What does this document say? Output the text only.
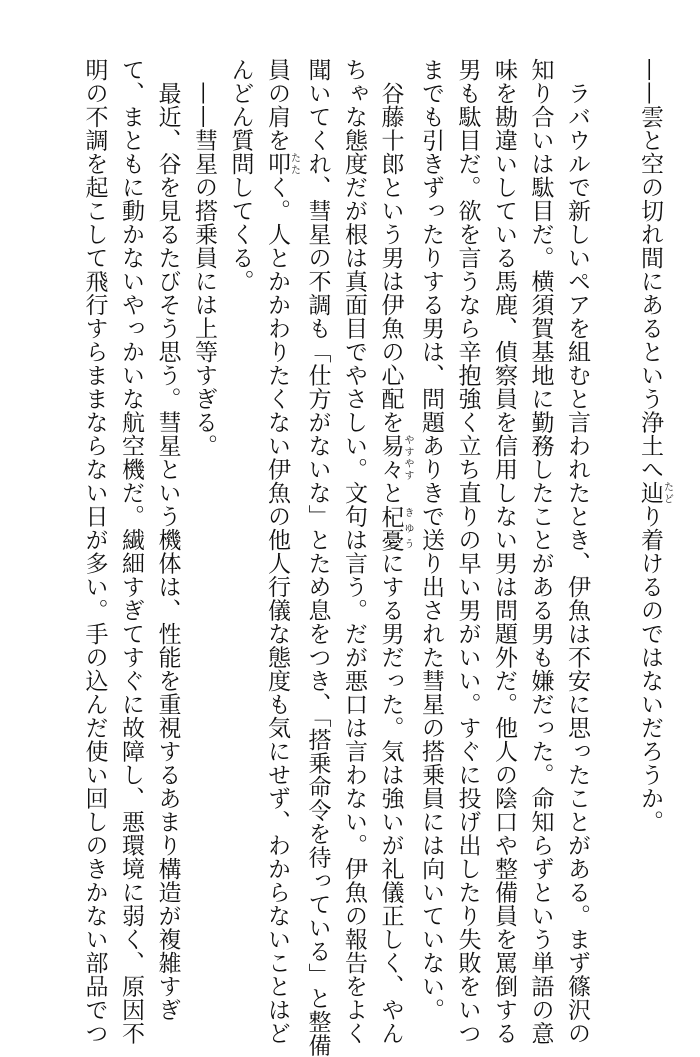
——雲と空の切れ間にあるという浄土へ辿たどり着けるのではないだろうか。
　ラバウルで新しいペアを組むと言われたとき、伊魚は不安に思ったことがある。まず篠沢の
知り合いは駄目だ。横須賀基地に勤務したことがある男も嫌だった。命知らずという単語の意
味を勘違いしている馬鹿、偵察員を信用しない男は問題外だ。他人の陰口や整備員を罵倒する
男も駄目だ。欲を言うなら辛抱強く立ち直りの早い男がいい。すぐに投げ出したり失敗をいつ
までも引きずったりする男は、問題ありきで送り出された彗星の搭乗員には向いていない。
　谷藤十郎という男は伊魚の心配を易々やすやすと杞憂きゆうにする男だった。気は強いが礼儀正しく、やん
ちゃな態度だが根は真面目でやさしい。文句は言う。だが悪口は言わない。伊魚の報告をよく
聞いてくれ、彗星の不調も「仕方がないな」とため息をつき、「搭乗命令を待っている」と整備
員の肩を叩たたく。人とかかわりたくない伊魚の他人行儀な態度も気にせず、わからないことはど
んどん質問してくる。
　——彗星の搭乗員には上等すぎる。
　最近、谷を見るたびそう思う。彗星という機体は、性能を重視するあまり構造が複雑すぎ
て、まともに動かないやっかいな航空機だ。繊細すぎてすぐに故障し、悪環境に弱く、原因不
明の不調を起こして飛行すらままならない日が多い。手の込んだ使い回しのきかない部品でつ
